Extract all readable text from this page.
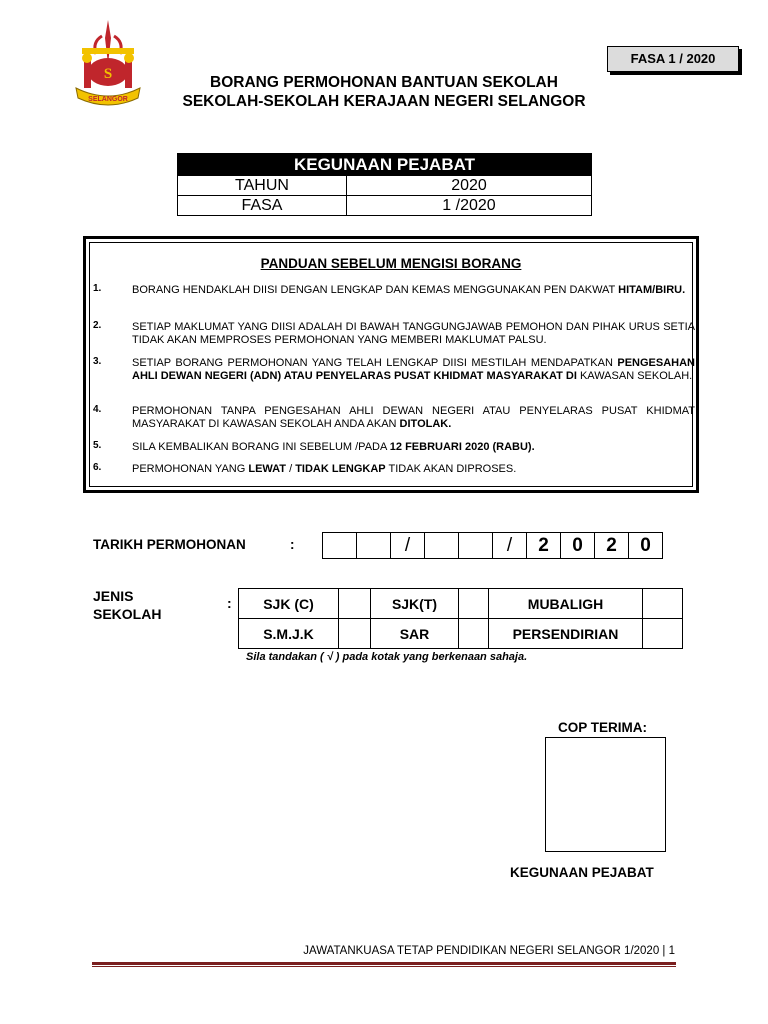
FASA 1 / 2020
S
SELANGOR
BORANG PERMOHONAN BANTUAN SEKOLAH
SEKOLAH-SEKOLAH KERAJAAN NEGERI SELANGOR
KEGUNAAN PEJABAT	
TAHUN	2020
FASA	1 /2020
PANDUAN SEBELUM MENGISI BORANG
1.	BORANG HENDAKLAH DIISI DENGAN LENGKAP DAN KEMAS MENGGUNAKAN PEN DAKWAT HITAM/BIRU.
2.	SETIAP MAKLUMAT YANG DIISI ADALAH DI BAWAH TANGGUNGJAWAB PEMOHON DAN PIHAK URUS SETIA TIDAK AKAN MEMPROSES PERMOHONAN YANG MEMBERI MAKLUMAT PALSU.
3.	SETIAP BORANG PERMOHONAN YANG TELAH LENGKAP DIISI MESTILAH MENDAPATKAN PENGESAHAN AHLI DEWAN NEGERI (ADN) ATAU PENYELARAS PUSAT KHIDMAT MASYARAKAT DI KAWASAN SEKOLAH.
4.	PERMOHONAN TANPA PENGESAHAN AHLI DEWAN NEGERI ATAU PENYELARAS PUSAT KHIDMAT MASYARAKAT DI KAWASAN SEKOLAH ANDA AKAN DITOLAK.
5.	SILA KEMBALIKAN BORANG INI SEBELUM /PADA 12 FEBRUARI 2020 (RABU).
6.	PERMOHONAN YANG LEWAT / TIDAK LENGKAP TIDAK AKAN DIPROSES.
TARIKH PERMOHONAN	:
			/			/	2	0	2	0
JENIS
SEKOLAH
: SJK (C)		SJK(T)		MUBALIGH	
S.M.J.K		SAR		PERSENDIRIAN	
Sila tandakan ( √ ) pada kotak yang berkenaan sahaja.
COP TERIMA:
KEGUNAAN PEJABAT
JAWATANKUASA TETAP PENDIDIKAN NEGERI SELANGOR 1/2020 | 1
